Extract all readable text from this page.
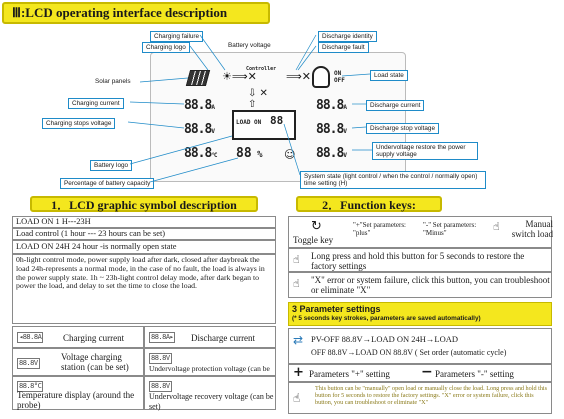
Ⅲ:LCD operating interface description
☀⟹✕	⟹✕	ON
OFF
Controller
88.8A
88.8V
88.8°C
88.8A
88.8V
88.8V
⇩ ✕
⇧
LOAD ON 88
88 % ☺
Charging failure
Charging logo	Battery voltage
Solar panels
Charging current
Charging stops voltage
Battery logo
Percentage of battery capacity
Discharge identity
Discharge fault
Load state
Discharge current
Discharge stop voltage
Undervoltage restore the power supply voltage
System state (light control / when the control / normally open) time setting (H)
1．LCD graphic symbol description
LOAD ON 1 H---23H
Load control (1 hour --- 23 hours can be set)
LOAD ON 24H 24 hour -is normally open state
0h-light control mode, power supply load after dark, closed after daybreak the load 24h-represents a normal mode, in the case of no fault, the load is always in the power supply state. 1h ~ 23h-light control delay mode, after dark began to power the load, and delay to set the time to close the load.
◂88.8A Charging current	88.8A▸ Discharge current
88.8V
Voltage charging station (can be set)
88.8V
Undervoltage protection voltage (can be
88.8°C
Temperature display (around the probe)
88.8V
Undervoltage recovery voltage (can be set)
2．Function keys:
↻
Toggle key
"+"Set parameters: "plus"
"-" Set parameters: "Minus"	☝	Manual switch load
☝ Long press and hold this button for 5 seconds to restore the factory settings
☝ "X" error or system failure, click this button, you can troubleshoot or eliminate "X"
3 Parameter settings
(* 5 seconds key strokes, parameters are saved automatically)
⇄ PV-OFF 88.8V→LOAD ON 24H→LOAD
OFF 88.8V→LOAD ON 88.8V ( Set order (automatic cycle)
+ Parameters "+" setting − Parameters "-" setting
☝
This button can be "manually" open load or manually close the load. Long press and hold this button for 5 seconds to restore the factory settings. "X" error or system failure, click this button, you can troubleshoot or eliminate "X"
